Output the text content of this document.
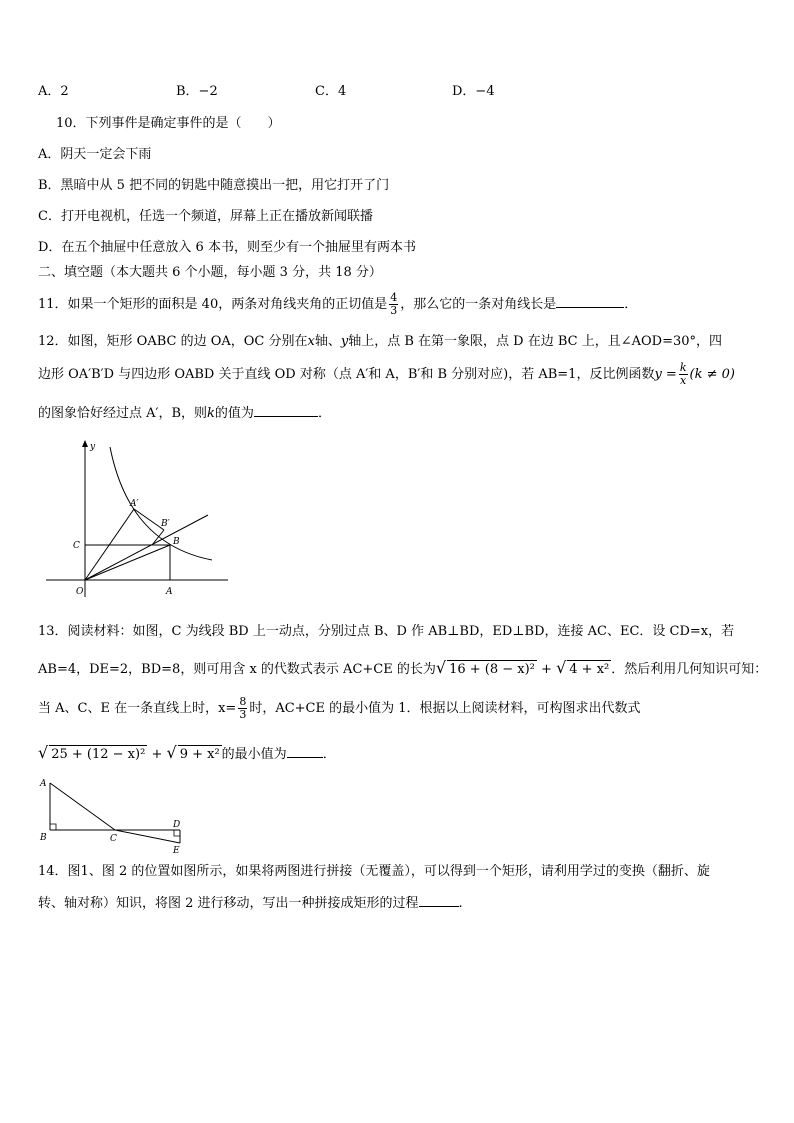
A．2	B．−2	C．4	D．−4
10．下列事件是确定事件的是（　　）
A．阴天一定会下雨
B．黑暗中从 5 把不同的钥匙中随意摸出一把，用它打开了门
C．打开电视机，任选一个频道，屏幕上正在播放新闻联播
D．在五个抽屉中任意放入 6 本书，则至少有一个抽屉里有两本书
二、填空题（本大题共 6 个小题，每小题 3 分，共 18 分）
11．如果一个矩形的面积是 40，两条对角线夹角的正切值是 $\frac{4}{3}$ ，那么它的一条对角线长是	．
12．如图，矩形 OABC 的边 OA，OC 分别在x轴、y轴上，点 B 在第一象限，点 D 在边 BC 上，且∠AOD=30°，四
边形 OA′B′D 与四边形 OABD 关于直线 OD 对称（点 A′和 A，B′和 B 分别对应)，若 AB=1，反比例函数$y = \frac{k}{x} (k \ne 0)$
的图象恰好经过点 A′，B，则k的值为	．
y
A′
B′
C	B
O	A
13．阅读材料：如图，C 为线段 BD 上一动点，分别过点 B、D 作 AB⊥BD，ED⊥BD，连接 AC、EC．设 CD=x，若
AB=4，DE=2，BD=8，则可用含 x 的代数式表示 AC+CE 的长为√ 16 + (8 − x)² + √ 4 + x² ．然后利用几何知识可知：
当 A、C、E 在一条直线上时，$x= \frac{8}{3}$ 时，AC+CE 的最小值为 1．根据以上阅读材料，可构图求出代数式
√ 25 + (12 − x)² + √ 9 + x² 的最小值为	．
A
B	C
D
E
14．图1、图 2 的位置如图所示，如果将两图进行拼接（无覆盖），可以得到一个矩形，请利用学过的变换（翻折、旋
转、轴对称）知识，将图 2 进行移动，写出一种拼接成矩形的过程	.
